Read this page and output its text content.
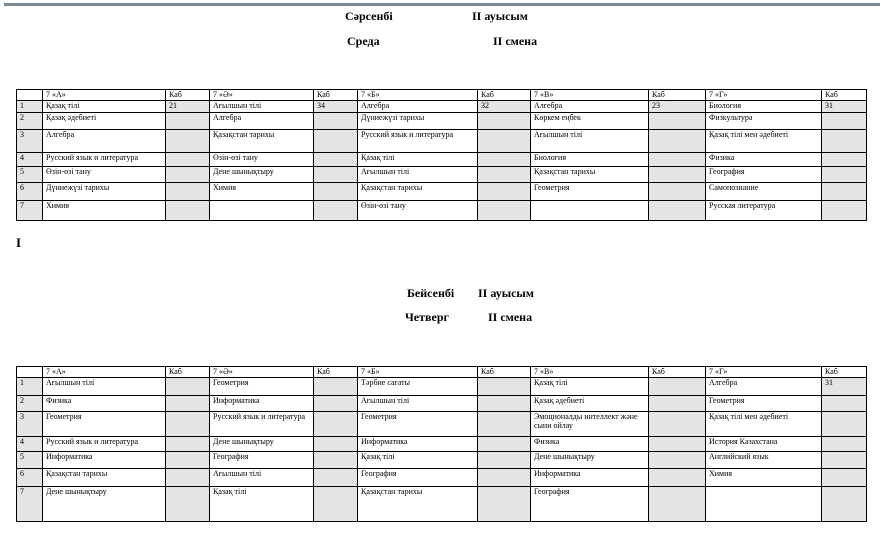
Сәрсенбі	II ауысым
Среда	II смена
	7 «А»	Каб	7 «Ә»	Каб	7 «Б»	Каб	7 «В»	Каб	7 «Г»	Каб
1	Қазақ тілі	21	Ағылшын тілі	34	Алгебра	32	Алгебра	23	Биология	31
2	Қазақ әдебиеті		Алгебра		Дүниежүзі тарихы		Көркем еңбек		Физкультура	
3	Алгебра		Қазақстан тарихы		Русский язык и литература		Ағылшын тілі		Қазақ тілі мен әдебиеті	
4	Русский язык и литература		Өзін-өзі тану		Қазақ тілі		Биология		Физика	
5	Өзін-өзі тану		Дене шынықтыру		Ағылшын тілі		Қазақстан тарихы		География	
6	Дүниежүзі тарихы		Химия		Қазақстан тарихы		Геометрия		Самопознание	
7	Химия				Өзін-өзі тану				Русская литература	
I
Бейсенбі II ауысым
Четверг	II смена
	7 «А»	Каб	7 «Ә»	Каб	7 «Б»	Каб	7 «В»	Каб	7 «Г»	Каб
1	Ағылшын тілі		Геометрия		Тәрбие сағаты		Қазақ тілі		Алгебра	31
2	Физика		Информатика		Ағылшын тілі		Қазақ әдебиеті		Геометрия	
3	Геометрия		Русский язык и литература		Геометрия		Эмоционалды интеллект және сыни ойлау		Қазақ тілі мен әдебиеті	
4	Русский язык и литература		Дене шынықтыру		Информатика		Физика		История Казахстана	
5	Информатика		География		Қазақ тілі		Дене шынықтыру		Английский язык	
6	Қазақстан тарихы		Ағылшын тілі		География		Информатика		Химия	
7	Дене шынықтыру		Қазақ тілі		Қазақстан тарихы		География			
